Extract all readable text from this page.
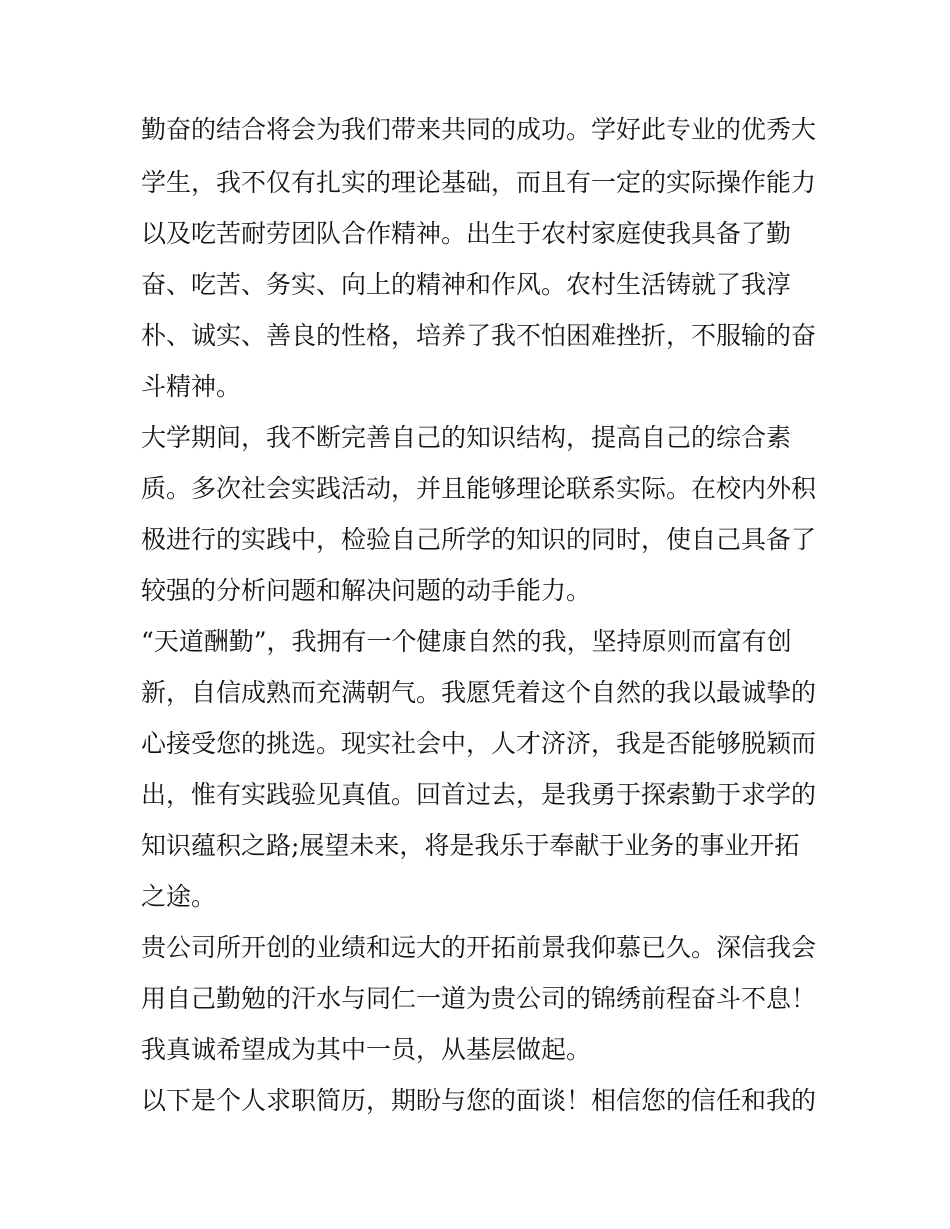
勤奋的结合将会为我们带来共同的成功。学好此专业的优秀大
学生，我不仅有扎实的理论基础，而且有一定的实际操作能力
以及吃苦耐劳团队合作精神。出生于农村家庭使我具备了勤
奋、吃苦、务实、向上的精神和作风。农村生活铸就了我淳
朴、诚实、善良的性格，培养了我不怕困难挫折，不服输的奋
斗精神。
大学期间，我不断完善自己的知识结构，提高自己的综合素
质。多次社会实践活动，并且能够理论联系实际。在校内外积
极进行的实践中，检验自己所学的知识的同时，使自己具备了
较强的分析问题和解决问题的动手能力。
“天道酬勤”，我拥有一个健康自然的我，坚持原则而富有创
新，自信成熟而充满朝气。我愿凭着这个自然的我以最诚挚的
心接受您的挑选。现实社会中，人才济济，我是否能够脱颖而
出，惟有实践验见真值。回首过去，是我勇于探索勤于求学的
知识蕴积之路;展望未来，将是我乐于奉献于业务的事业开拓
之途。
贵公司所开创的业绩和远大的开拓前景我仰慕已久。深信我会
用自己勤勉的汗水与同仁一道为贵公司的锦绣前程奋斗不息！
我真诚希望成为其中一员，从基层做起。
以下是个人求职简历，期盼与您的面谈！相信您的信任和我的
